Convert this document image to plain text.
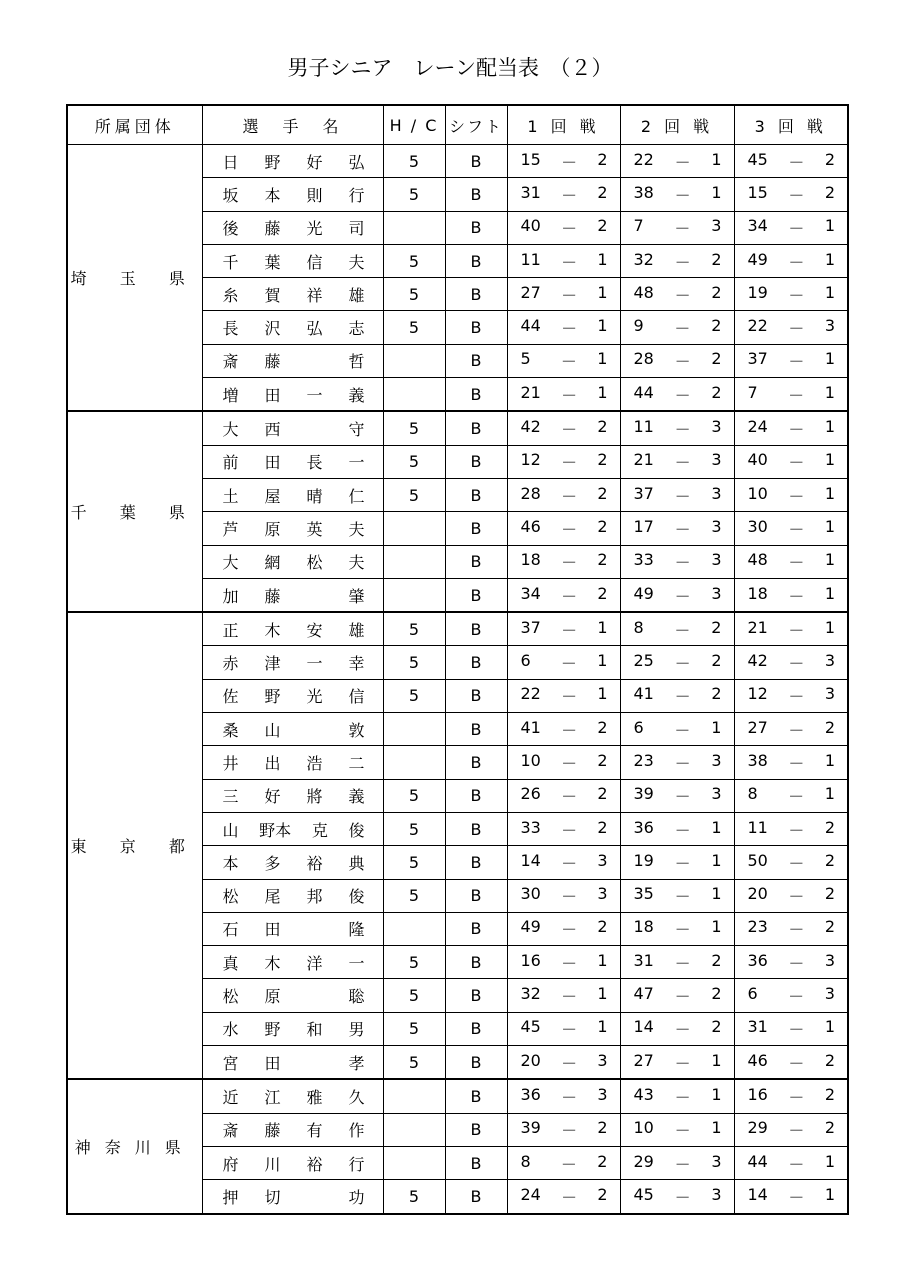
男子シニア　レーン配当表　（２）
所属団体	選　手　名	H / C	シフト	1 回 戦	2 回 戦	3 回 戦
埼 玉 県	日 野 好 弘	5	B	15 － 2	22 － 1	45 － 2

	坂 本 則 行	5	B	31 － 2	38 － 1	15 － 2

	後 藤 光 司		B	40 － 2	7 － 3	34 － 1

	千 葉 信 夫	5	B	11 － 1	32 － 2	49 － 1

	糸 賀 祥 雄	5	B	27 － 1	48 － 2	19 － 1

	長 沢 弘 志	5	B	44 － 1	9 － 2	22 － 3

	斎 藤 哲		B	5 － 1	28 － 2	37 － 1

	増 田 一 義		B	21 － 1	44 － 2	7 － 1

千 葉 県	大 西 守	5	B	42 － 2	11 － 3	24 － 1

	前 田 長 一	5	B	12 － 2	21 － 3	40 － 1

	土 屋 晴 仁	5	B	28 － 2	37 － 3	10 － 1

	芦 原 英 夫		B	46 － 2	17 － 3	30 － 1

	大 網 松 夫		B	18 － 2	33 － 3	48 － 1

	加 藤 肇		B	34 － 2	49 － 3	18 － 1

東 京 都	正 木 安 雄	5	B	37 － 1	8 － 2	21 － 1

	赤 津 一 幸	5	B	6 － 1	25 － 2	42 － 3

	佐 野 光 信	5	B	22 － 1	41 － 2	12 － 3

	桑 山 敦		B	41 － 2	6 － 1	27 － 2

	井 出 浩 二		B	10 － 2	23 － 3	38 － 1

	三 好 將 義	5	B	26 － 2	39 － 3	8 － 1

	山 野本 克 俊	5	B	33 － 2	36 － 1	11 － 2

	本 多 裕 典	5	B	14 － 3	19 － 1	50 － 2

	松 尾 邦 俊	5	B	30 － 3	35 － 1	20 － 2

	石 田 隆		B	49 － 2	18 － 1	23 － 2

	真 木 洋 一	5	B	16 － 1	31 － 2	36 － 3

	松 原 聡	5	B	32 － 1	47 － 2	6 － 3

	水 野 和 男	5	B	45 － 1	14 － 2	31 － 1

	宮 田 孝	5	B	20 － 3	27 － 1	46 － 2

神奈川県	近 江 雅 久		B	36 － 3	43 － 1	16 － 2

	斎 藤 有 作		B	39 － 2	10 － 1	29 － 2

	府 川 裕 行		B	8 － 2	29 － 3	44 － 1

	押 切 功	5	B	24 － 2	45 － 3	14 － 1
